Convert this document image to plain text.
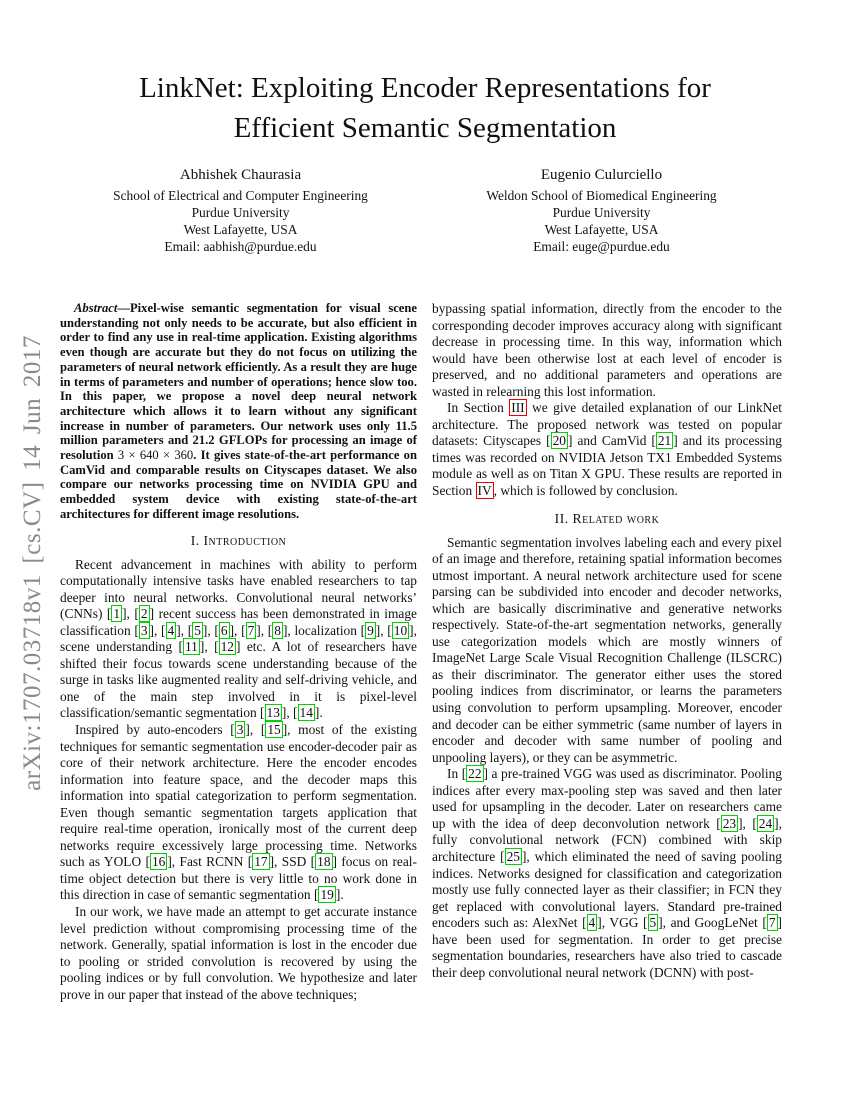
arXiv:1707.03718v1 [cs.CV] 14 Jun 2017
LinkNet: Exploiting Encoder Representations for
Efficient Semantic Segmentation
Abhishek Chaurasia
School of Electrical and Computer Engineering
Purdue University
West Lafayette, USA
Email: aabhish@purdue.edu
Eugenio Culurciello
Weldon School of Biomedical Engineering
Purdue University
West Lafayette, USA
Email: euge@purdue.edu

Abstract—Pixel-wise semantic segmentation for visual scene understanding not only needs to be accurate, but also efficient in order to find any use in real-time application. Existing algorithms even though are accurate but they do not focus on utilizing the parameters of neural network efficiently. As a result they are huge in terms of parameters and number of operations; hence slow too. In this paper, we propose a novel deep neural network architecture which allows it to learn without any significant increase in number of parameters. Our network uses only 11.5 million parameters and 21.2 GFLOPs for processing an image of resolution 3 × 640 × 360. It gives state-of-the-art performance on CamVid and comparable results on Cityscapes dataset. We also compare our networks processing time on NVIDIA GPU and embedded system device with existing state-of-the-art architectures for different image resolutions.

I. Introduction

Recent advancement in machines with ability to perform computationally intensive tasks have enabled researchers to tap deeper into neural networks. Convolutional neural networks’ (CNNs) [ 1 ], [ 2 ] recent success has been demonstrated in image classification [ 3 ], [ 4 ], [ 5 ], [ 6 ], [ 7 ], [ 8 ], localization [ 9 ], [ 10 ], scene understanding [ 11 ], [ 12 ] etc. A lot of researchers have shifted their focus towards scene understanding because of the surge in tasks like augmented reality and self-driving vehicle, and one of the main step involved in it is pixel-level classification/semantic segmentation [ 13 ], [ 14 ].

Inspired by auto-encoders [ 3 ], [ 15 ], most of the existing techniques for semantic segmentation use encoder-decoder pair as core of their network architecture. Here the encoder encodes information into feature space, and the decoder maps this information into spatial categorization to perform segmentation. Even though semantic segmentation targets application that require real-time operation, ironically most of the current deep networks require excessively large processing time. Networks such as YOLO [ 16 ], Fast RCNN [ 17 ], SSD [ 18 ] focus on real-time object detection but there is very little to no work done in this direction in case of semantic segmentation [ 19 ].

In our work, we have made an attempt to get accurate instance level prediction without compromising processing time of the network. Generally, spatial information is lost in the encoder due to pooling or strided convolution is recovered by using the pooling indices or by full convolution. We hypothesize and later prove in our paper that instead of the above techniques;

bypassing spatial information, directly from the encoder to the corresponding decoder improves accuracy along with significant decrease in processing time. In this way, information which would have been otherwise lost at each level of encoder is preserved, and no additional parameters and operations are wasted in relearning this lost information.

In Section III we give detailed explanation of our LinkNet architecture. The proposed network was tested on popular datasets: Cityscapes [ 20 ] and CamVid [ 21 ] and its processing times was recorded on NVIDIA Jetson TX1 Embedded Systems module as well as on Titan X GPU. These results are reported in Section IV , which is followed by conclusion.

II. Related work

Semantic segmentation involves labeling each and every pixel of an image and therefore, retaining spatial information becomes utmost important. A neural network architecture used for scene parsing can be subdivided into encoder and decoder networks, which are basically discriminative and generative networks respectively. State-of-the-art segmentation networks, generally use categorization models which are mostly winners of ImageNet Large Scale Visual Recognition Challenge (ILSCRC) as their discriminator. The generator either uses the stored pooling indices from discriminator, or learns the parameters using convolution to perform upsampling. Moreover, encoder and decoder can be either symmetric (same number of layers in encoder and decoder with same number of pooling and unpooling layers), or they can be asymmetric.

In [ 22 ] a pre-trained VGG was used as discriminator. Pooling indices after every max-pooling step was saved and then later used for upsampling in the decoder. Later on researchers came up with the idea of deep deconvolution network [ 23 ], [ 24 ], fully convolutional network (FCN) combined with skip architecture [ 25 ], which eliminated the need of saving pooling indices. Networks designed for classification and categorization mostly use fully connected layer as their classifier; in FCN they get replaced with convolutional layers. Standard pre-trained encoders such as: AlexNet [ 4 ], VGG [ 5 ], and GoogLeNet [ 7 ] have been used for segmentation. In order to get precise segmentation boundaries, researchers have also tried to cascade their deep convolutional neural network (DCNN) with post-
